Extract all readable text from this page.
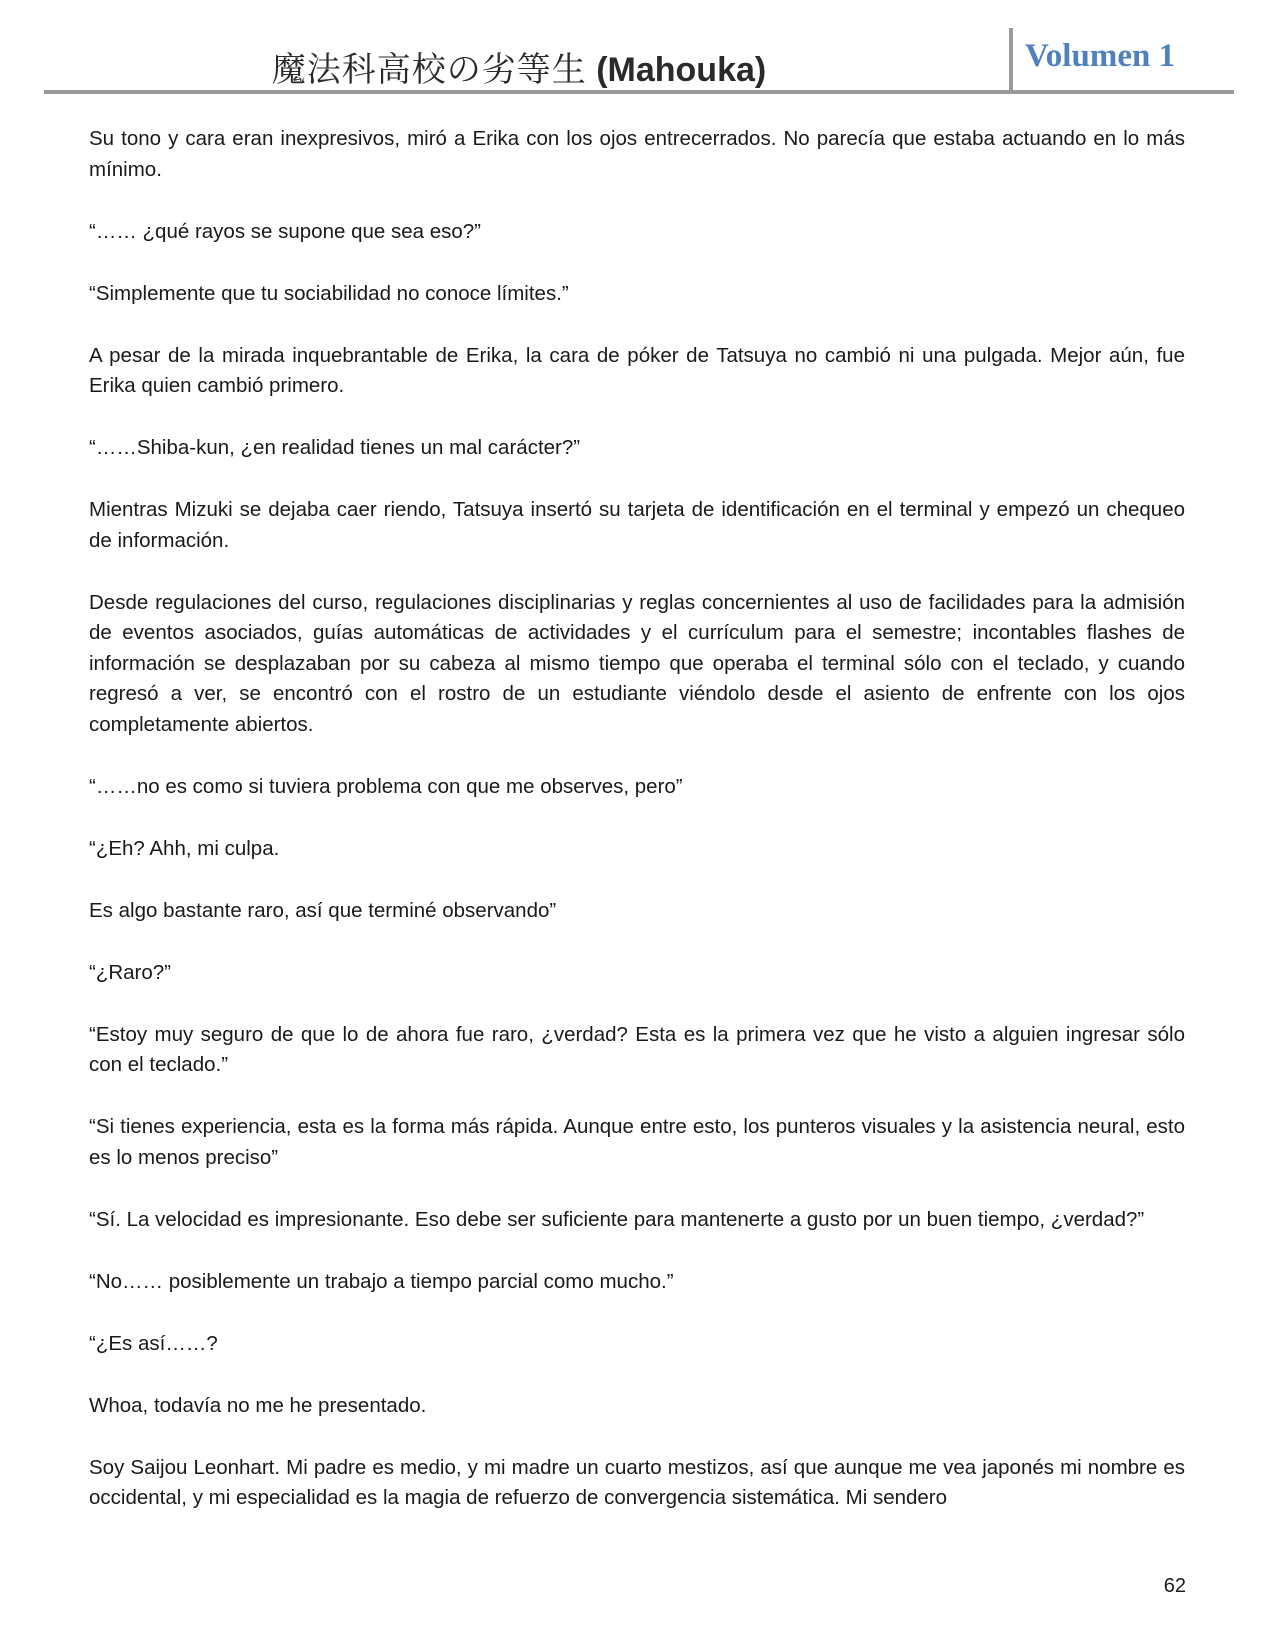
魔法科高校の劣等生 (Mahouka)	Volumen 1

Su tono y cara eran inexpresivos, miró a Erika con los ojos entrecerrados. No parecía que estaba actuando en lo más mínimo.

“…… ¿qué rayos se supone que sea eso?”

“Simplemente que tu sociabilidad no conoce límites.”

A pesar de la mirada inquebrantable de Erika, la cara de póker de Tatsuya no cambió ni una pulgada. Mejor aún, fue Erika quien cambió primero.

“……Shiba-kun, ¿en realidad tienes un mal carácter?”

Mientras Mizuki se dejaba caer riendo, Tatsuya insertó su tarjeta de identificación en el terminal y empezó un chequeo de información.

Desde regulaciones del curso, regulaciones disciplinarias y reglas concernientes al uso de facilidades para la admisión de eventos asociados, guías automáticas de actividades y el currículum para el semestre; incontables flashes de información se desplazaban por su cabeza al mismo tiempo que operaba el terminal sólo con el teclado, y cuando regresó a ver, se encontró con el rostro de un estudiante viéndolo desde el asiento de enfrente con los ojos completamente abiertos.

“……no es como si tuviera problema con que me observes, pero”

“¿Eh? Ahh, mi culpa.

Es algo bastante raro, así que terminé observando”

“¿Raro?”

“Estoy muy seguro de que lo de ahora fue raro, ¿verdad? Esta es la primera vez que he visto a alguien ingresar sólo con el teclado.”

“Si tienes experiencia, esta es la forma más rápida. Aunque entre esto, los punteros visuales y la asistencia neural, esto es lo menos preciso”

“Sí. La velocidad es impresionante. Eso debe ser suficiente para mantenerte a gusto por un buen tiempo, ¿verdad?”

“No…… posiblemente un trabajo a tiempo parcial como mucho.”

“¿Es así……?

Whoa, todavía no me he presentado.

Soy Saijou Leonhart. Mi padre es medio, y mi madre un cuarto mestizos, así que aunque me vea japonés mi nombre es occidental, y mi especialidad es la magia de refuerzo de convergencia sistemática. Mi sendero

62
